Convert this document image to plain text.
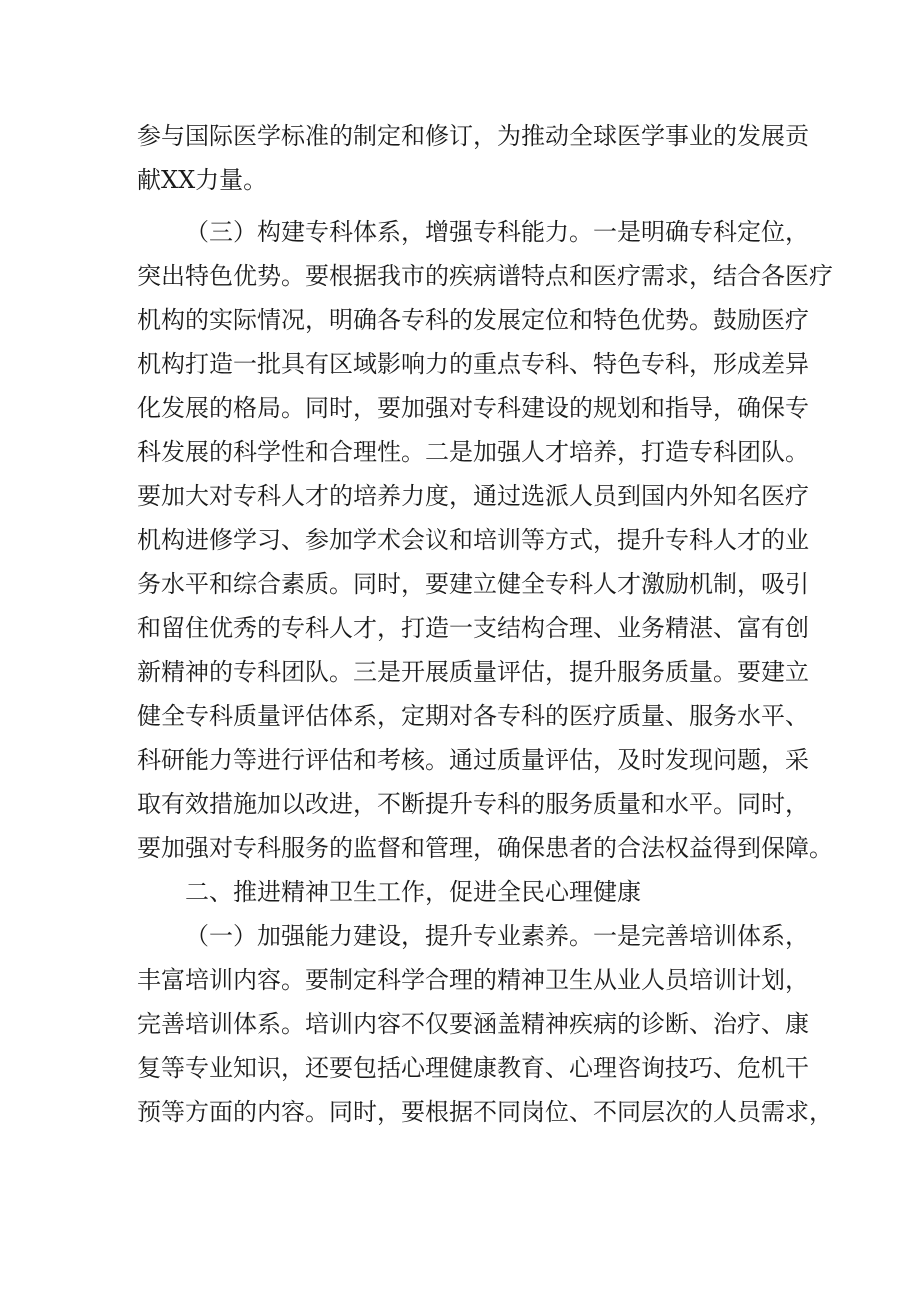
参与国际医学标准的制定和修订，为推动全球医学事业的发展贡
献XX力量。
（三）构建专科体系，增强专科能力。一是明确专科定位，
突出特色优势。要根据我市的疾病谱特点和医疗需求，结合各医疗
机构的实际情况，明确各专科的发展定位和特色优势。鼓励医疗
机构打造一批具有区域影响力的重点专科、特色专科，形成差异
化发展的格局。同时，要加强对专科建设的规划和指导，确保专
科发展的科学性和合理性。二是加强人才培养，打造专科团队。
要加大对专科人才的培养力度，通过选派人员到国内外知名医疗
机构进修学习、参加学术会议和培训等方式，提升专科人才的业
务水平和综合素质。同时，要建立健全专科人才激励机制，吸引
和留住优秀的专科人才，打造一支结构合理、业务精湛、富有创
新精神的专科团队。三是开展质量评估，提升服务质量。要建立
健全专科质量评估体系，定期对各专科的医疗质量、服务水平、
科研能力等进行评估和考核。通过质量评估，及时发现问题，采
取有效措施加以改进，不断提升专科的服务质量和水平。同时，
要加强对专科服务的监督和管理，确保患者的合法权益得到保障。
二、推进精神卫生工作，促进全民心理健康
（一）加强能力建设，提升专业素养。一是完善培训体系，
丰富培训内容。要制定科学合理的精神卫生从业人员培训计划，
完善培训体系。培训内容不仅要涵盖精神疾病的诊断、治疗、康
复等专业知识，还要包括心理健康教育、心理咨询技巧、危机干
预等方面的内容。同时，要根据不同岗位、不同层次的人员需求，
